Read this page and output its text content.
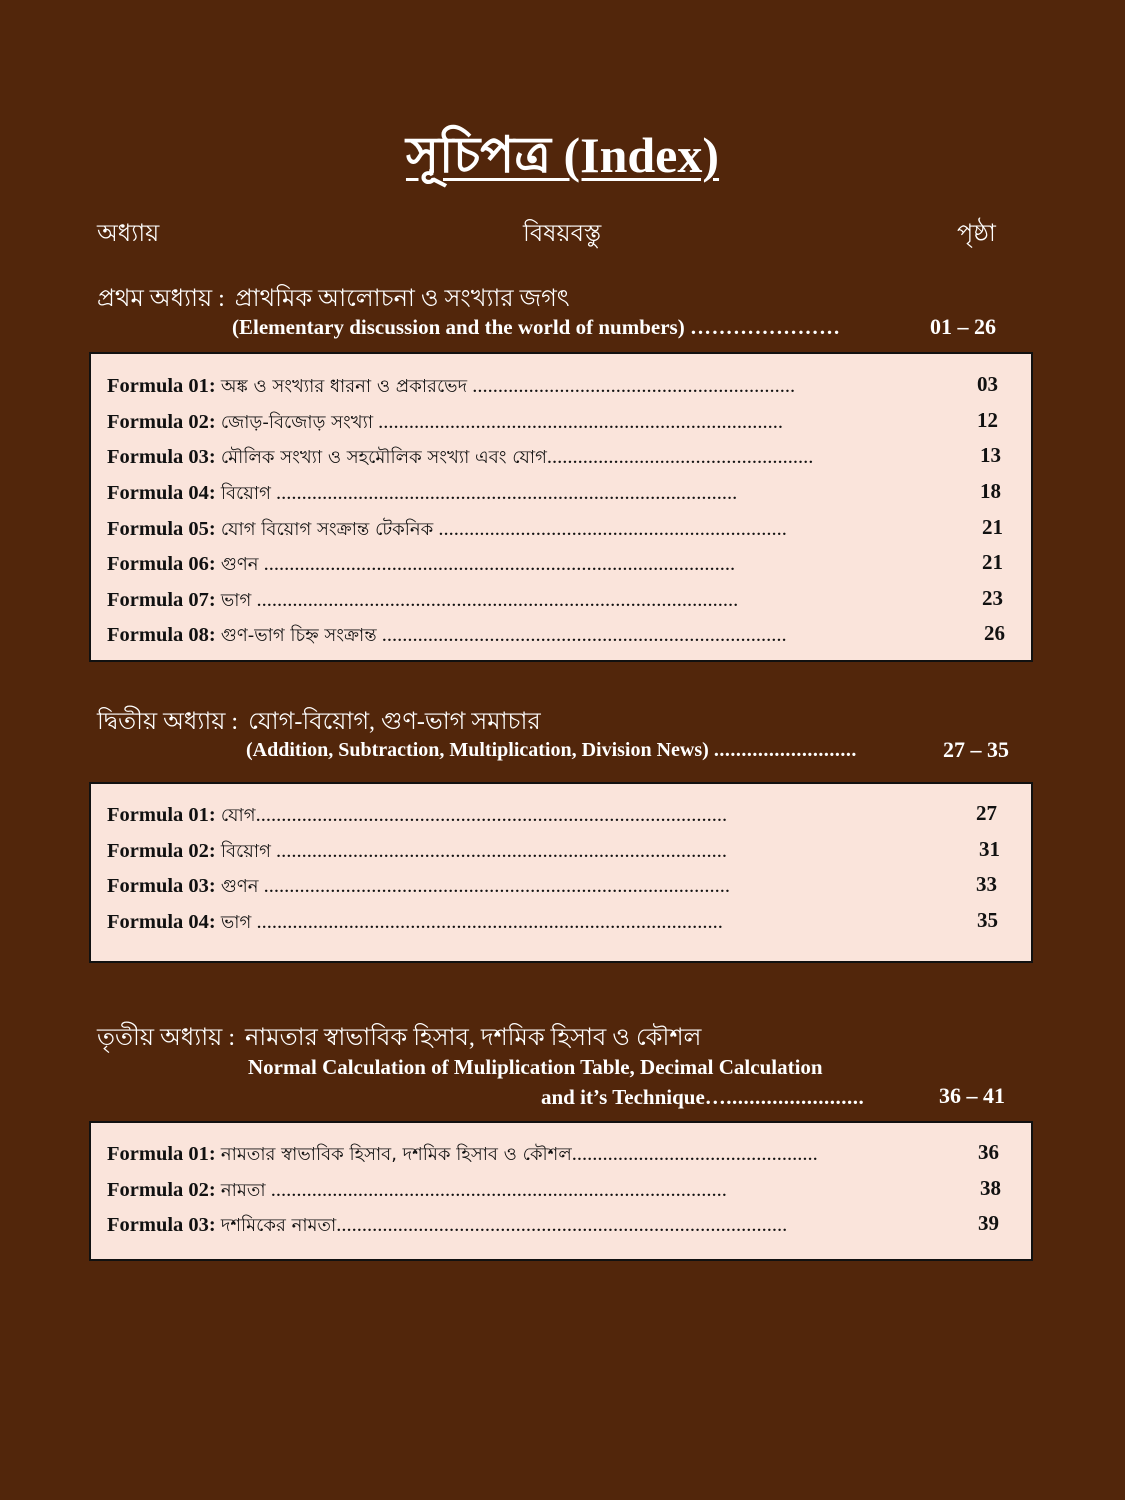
সূচিপত্র (Index)
অধ্যায়	বিষয়বস্তু	পৃষ্ঠা
প্রথম অধ্যায় : প্রাথমিক আলোচনা ও সংখ্যার জগৎ
(Elementary discussion and the world of numbers) …………………	01 – 26
Formula 01: অঙ্ক ও সংখ্যার ধারনা ও প্রকারভেদ ...............................................................	03
Formula 02: জোড়-বিজোড় সংখ্যা ...............................................................................	12
Formula 03: মৌলিক সংখ্যা ও সহমৌলিক সংখ্যা এবং যোগ....................................................	13
Formula 04: বিয়োগ ..........................................................................................	18
Formula 05: যোগ বিয়োগ সংক্রান্ত টেকনিক ....................................................................	21
Formula 06: গুণন ............................................................................................	21
Formula 07: ভাগ ..............................................................................................	23
Formula 08: গুণ-ভাগ চিহ্ন সংক্রান্ত ...............................................................................	26
দ্বিতীয় অধ্যায় : যোগ-বিয়োগ, গুণ-ভাগ সমাচার
(Addition, Subtraction, Multiplication, Division News) ..........................	27 – 35
Formula 01: যোগ............................................................................................	27
Formula 02: বিয়োগ ........................................................................................	31
Formula 03: গুণন ...........................................................................................	33
Formula 04: ভাগ ...........................................................................................	35
তৃতীয় অধ্যায় : নামতার স্বাভাবিক হিসাব, দশমিক হিসাব ও কৌশল
Normal Calculation of Muliplication Table, Decimal Calculation
and it’s Technique…........................	36 – 41
Formula 01: নামতার স্বাভাবিক হিসাব, দশমিক হিসাব ও কৌশল................................................	36
Formula 02: নামতা .........................................................................................	38
Formula 03: দশমিকের নামতা........................................................................................	39
